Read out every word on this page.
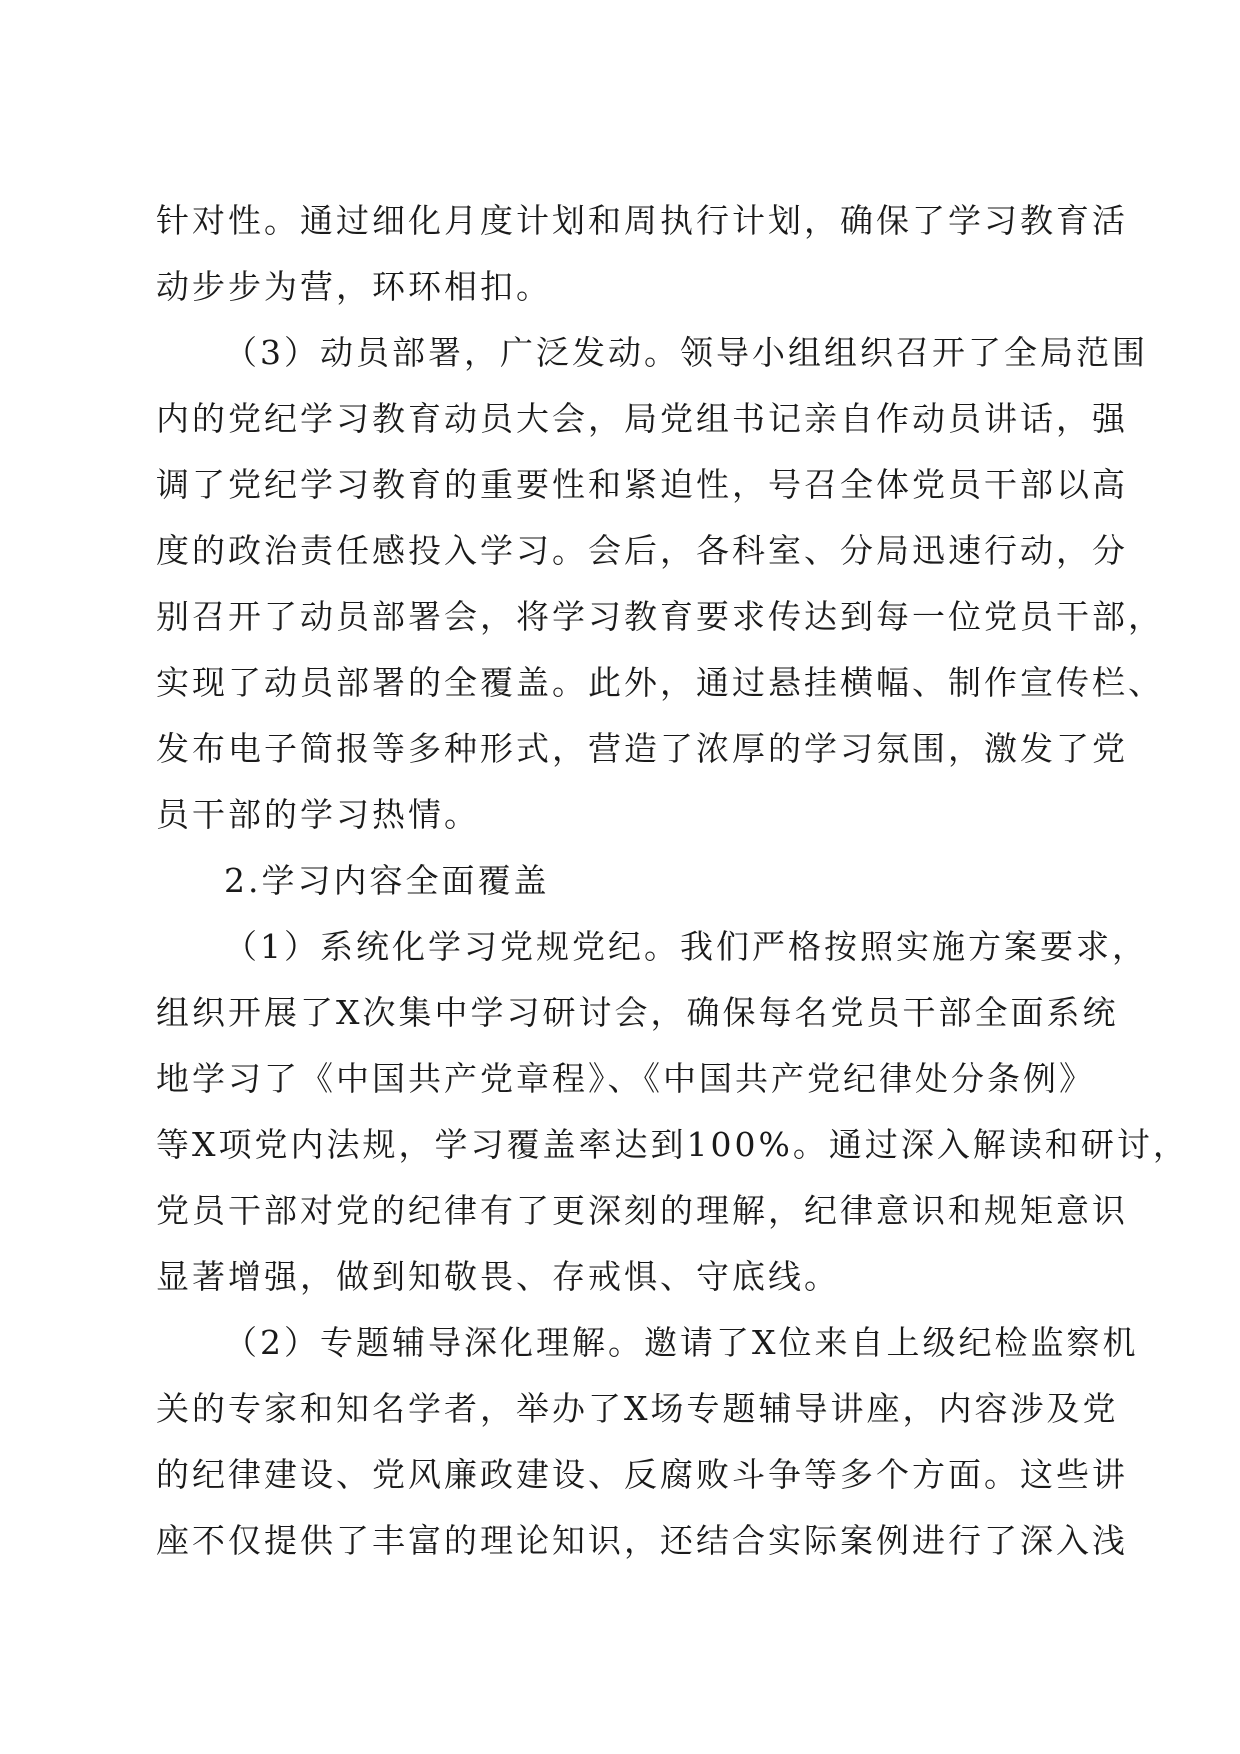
针对性。通过细化月度计划和周执行计划，确保了学习教育活
动步步为营，环环相扣。
（3）动员部署，广泛发动。领导小组组织召开了全局范围
内的党纪学习教育动员大会，局党组书记亲自作动员讲话，强
调了党纪学习教育的重要性和紧迫性，号召全体党员干部以高
度的政治责任感投入学习。会后，各科室、分局迅速行动，分
别召开了动员部署会，将学习教育要求传达到每一位党员干部，
实现了动员部署的全覆盖。此外，通过悬挂横幅、制作宣传栏、
发布电子简报等多种形式，营造了浓厚的学习氛围，激发了党
员干部的学习热情。
2.学习内容全面覆盖
（1）系统化学习党规党纪。我们严格按照实施方案要求，
组织开展了X次集中学习研讨会，确保每名党员干部全面系统
地学习了《中国共产党章程》、《中国共产党纪律处分条例》
等X项党内法规，学习覆盖率达到100%。通过深入解读和研讨，
党员干部对党的纪律有了更深刻的理解，纪律意识和规矩意识
显著增强，做到知敬畏、存戒惧、守底线。
（2）专题辅导深化理解。邀请了X位来自上级纪检监察机
关的专家和知名学者，举办了X场专题辅导讲座，内容涉及党
的纪律建设、党风廉政建设、反腐败斗争等多个方面。这些讲
座不仅提供了丰富的理论知识，还结合实际案例进行了深入浅
